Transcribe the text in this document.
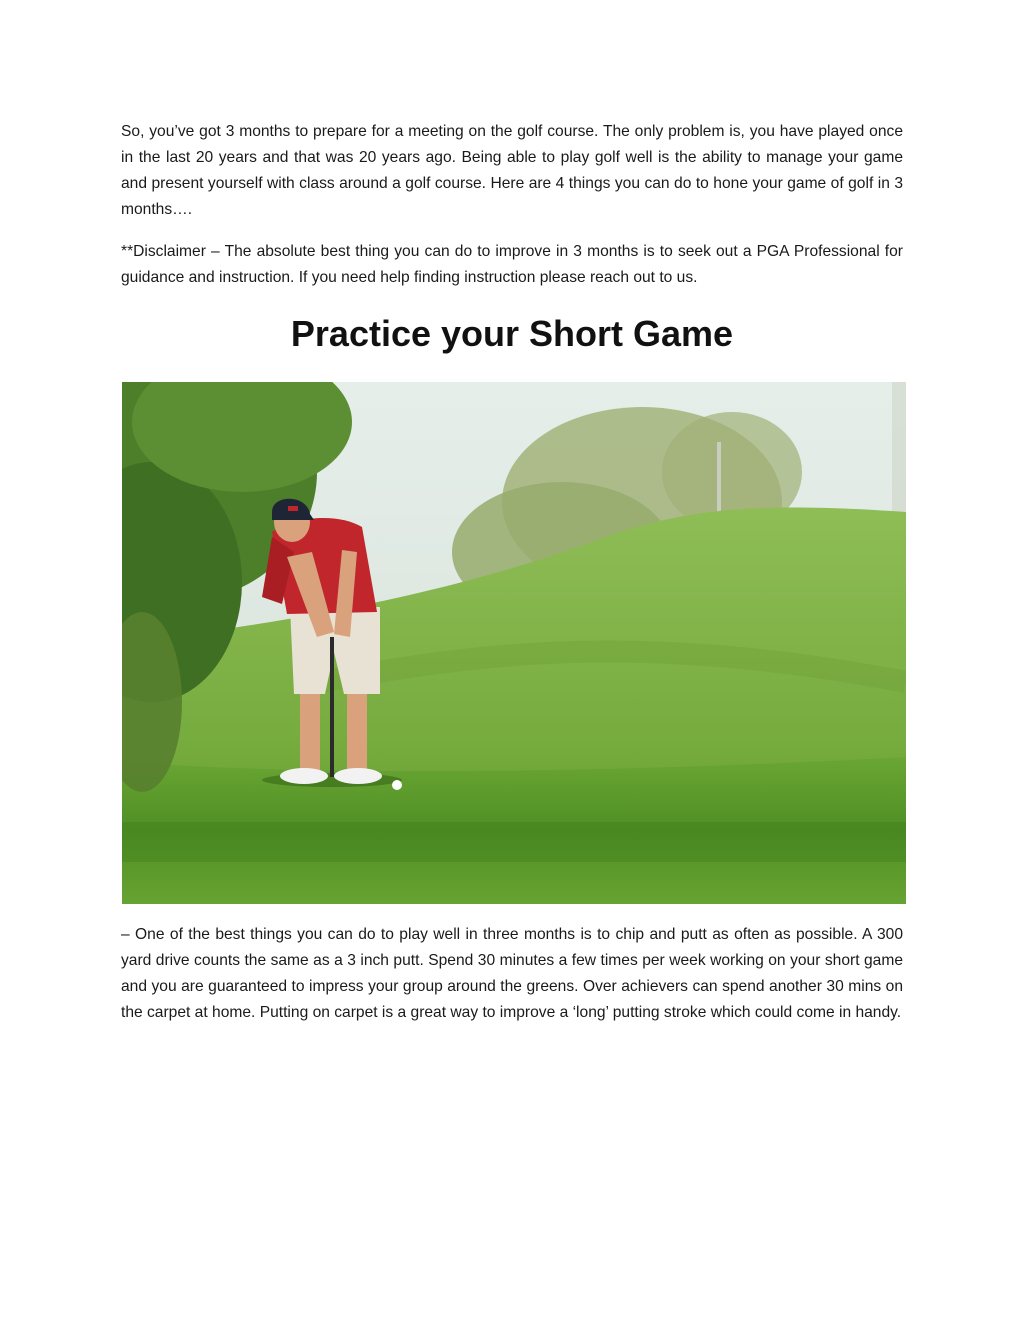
So, you’ve got 3 months to prepare for a meeting on the golf course. The only problem is, you have played once in the last 20 years and that was 20 years ago. Being able to play golf well is the ability to manage your game and present yourself with class around a golf course. Here are 4 things you can do to hone your game of golf in 3 months….

**Disclaimer – The absolute best thing you can do to improve in 3 months is to seek out a PGA Professional for guidance and instruction. If you need help finding instruction please reach out to us.

Practice your Short Game

– One of the best things you can do to play well in three months is to chip and putt as often as possible. A 300 yard drive counts the same as a 3 inch putt. Spend 30 minutes a few times per week working on your short game and you are guaranteed to impress your group around the greens. Over achievers can spend another 30 mins on the carpet at home. Putting on carpet is a great way to improve a ‘long’ putting stroke which could come in handy.
